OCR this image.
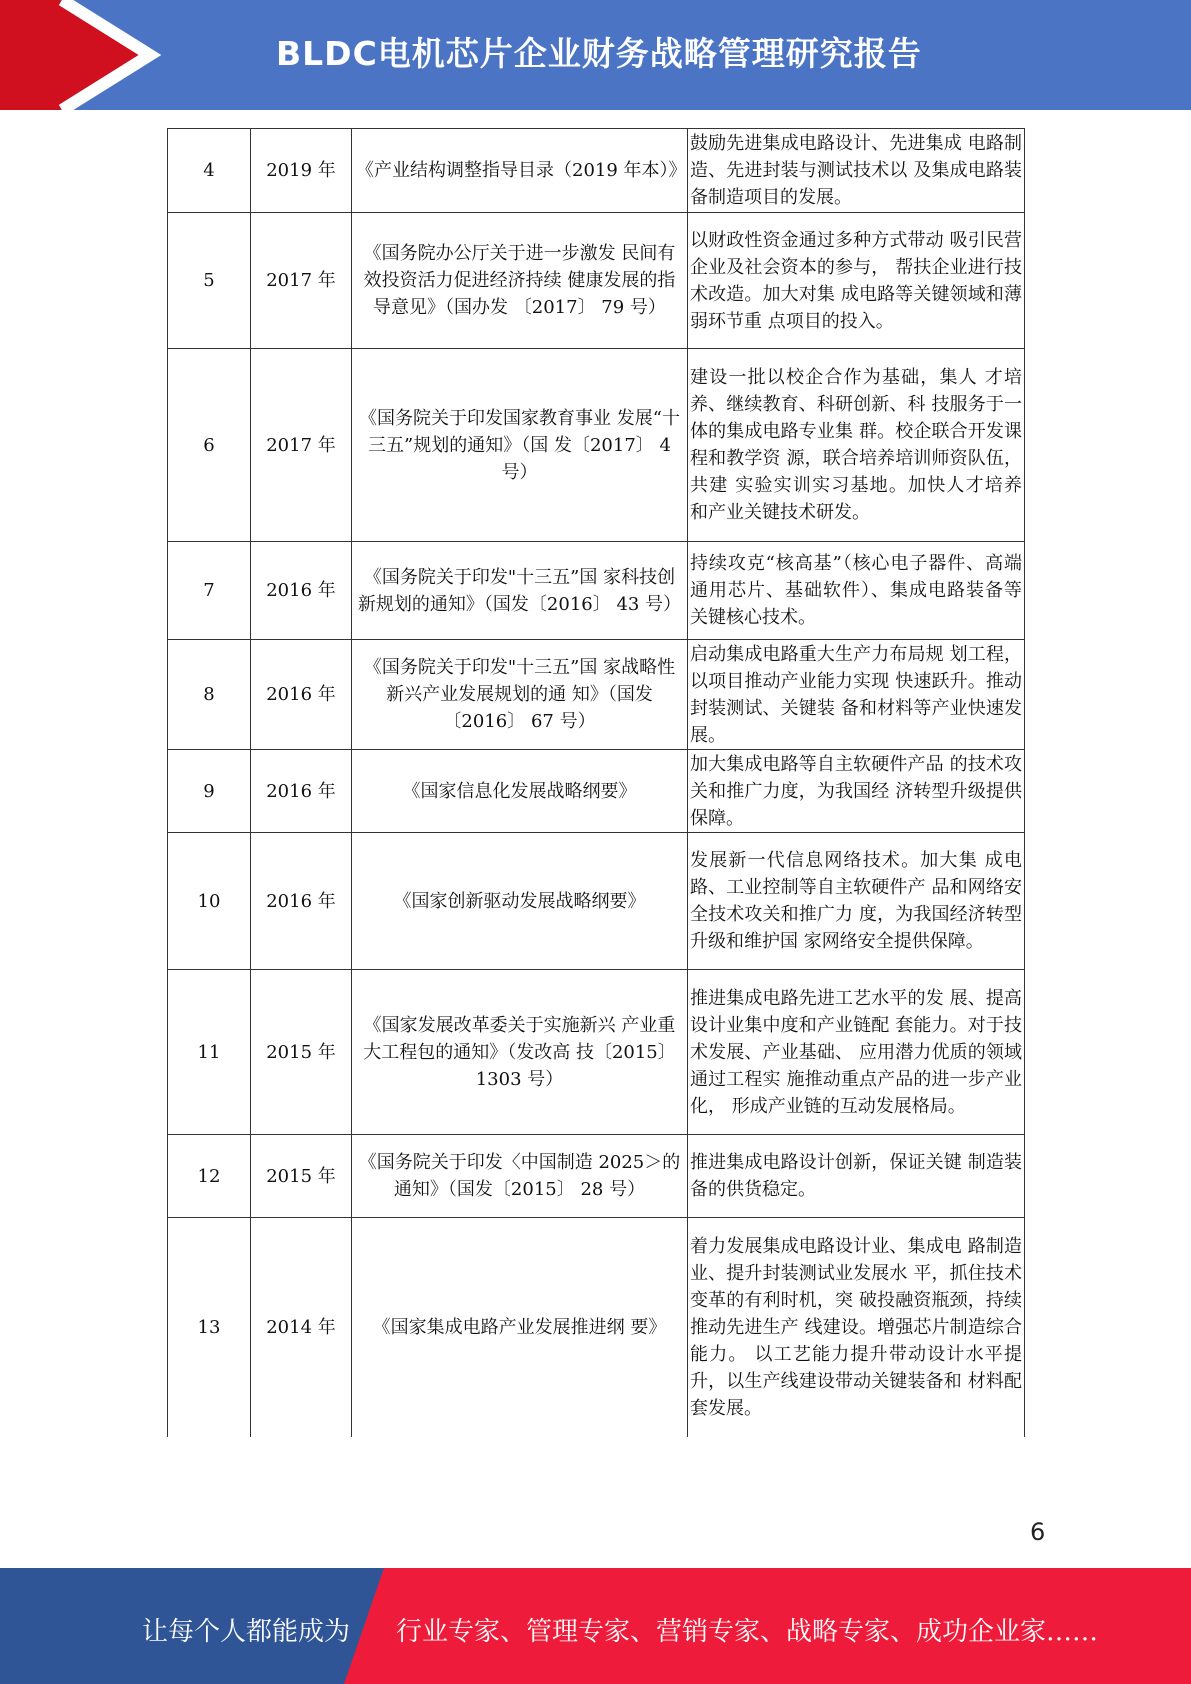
BLDC电机芯片企业财务战略管理研究报告
4	2019 年	《产业结构调整指导目录（2019 年本）》	鼓励先进集成电路设计、先进集成 电路制造、先进封装与测试技术以 及集成电路装备制造项目的发展。
5	2017 年	《国务院办公厅关于进一步激发 民间有效投资活力促进经济持续 健康发展的指导意见》（国办发 〔2017〕 79 号）	以财政性资金通过多种方式带动 吸引民营企业及社会资本的参与， 帮扶企业进行技术改造。加大对集 成电路等关键领域和薄弱环节重 点项目的投入。
6	2017 年	《国务院关于印发国家教育事业 发展“十三五”规划的通知》（国 发〔2017〕 4 号）	建设一批以校企合作为基础，集人 才培养、继续教育、科研创新、科 技服务于一体的集成电路专业集 群。校企联合开发课程和教学资 源，联合培养培训师资队伍，共建 实验实训实习基地。加快人才培养 和产业关键技术研发。
7	2016 年	《国务院关于印发"十三五”国 家科技创新规划的通知》（国发〔2016〕 43 号）	持续攻克“核高基”（核心电子器件、高端通用芯片、基础软件）、集成电路装备等关键核心技术。
8	2016 年	《国务院关于印发"十三五”国 家战略性新兴产业发展规划的通 知》（国发〔2016〕 67 号）	启动集成电路重大生产力布局规 划工程，以项目推动产业能力实现 快速跃升。推动封装测试、关键装 备和材料等产业快速发展。
9	2016 年	《国家信息化发展战略纲要》	加大集成电路等自主软硬件产品 的技术攻关和推广力度，为我国经 济转型升级提供保障。
10	2016 年	《国家创新驱动发展战略纲要》	发展新一代信息网络技术。加大集 成电路、工业控制等自主软硬件产 品和网络安全技术攻关和推广力 度，为我国经济转型升级和维护国 家网络安全提供保障。
11	2015 年	《国家发展改革委关于实施新兴 产业重大工程包的通知》（发改高 技〔2015〕 1303 号）	推进集成电路先进工艺水平的发 展、提高设计业集中度和产业链配 套能力。对于技术发展、产业基础、 应用潜力优质的领域通过工程实 施推动重点产品的进一步产业化， 形成产业链的互动发展格局。
12	2015 年	《国务院关于印发〈中国制造 2025＞的通知》（国发〔2015〕 28 号）	推进集成电路设计创新，保证关键 制造装备的供货稳定。
13	2014 年	《国家集成电路产业发展推进纲 要》	着力发展集成电路设计业、集成电 路制造业、提升封装测试业发展水 平，抓住技术变革的有利时机，突 破投融资瓶颈，持续推动先进生产 线建设。增强芯片制造综合能力。 以工艺能力提升带动设计水平提 升，以生产线建设带动关键装备和 材料配套发展。
6
让每个人都能成为 行业专家、管理专家、营销专家、战略专家、成功企业家……
